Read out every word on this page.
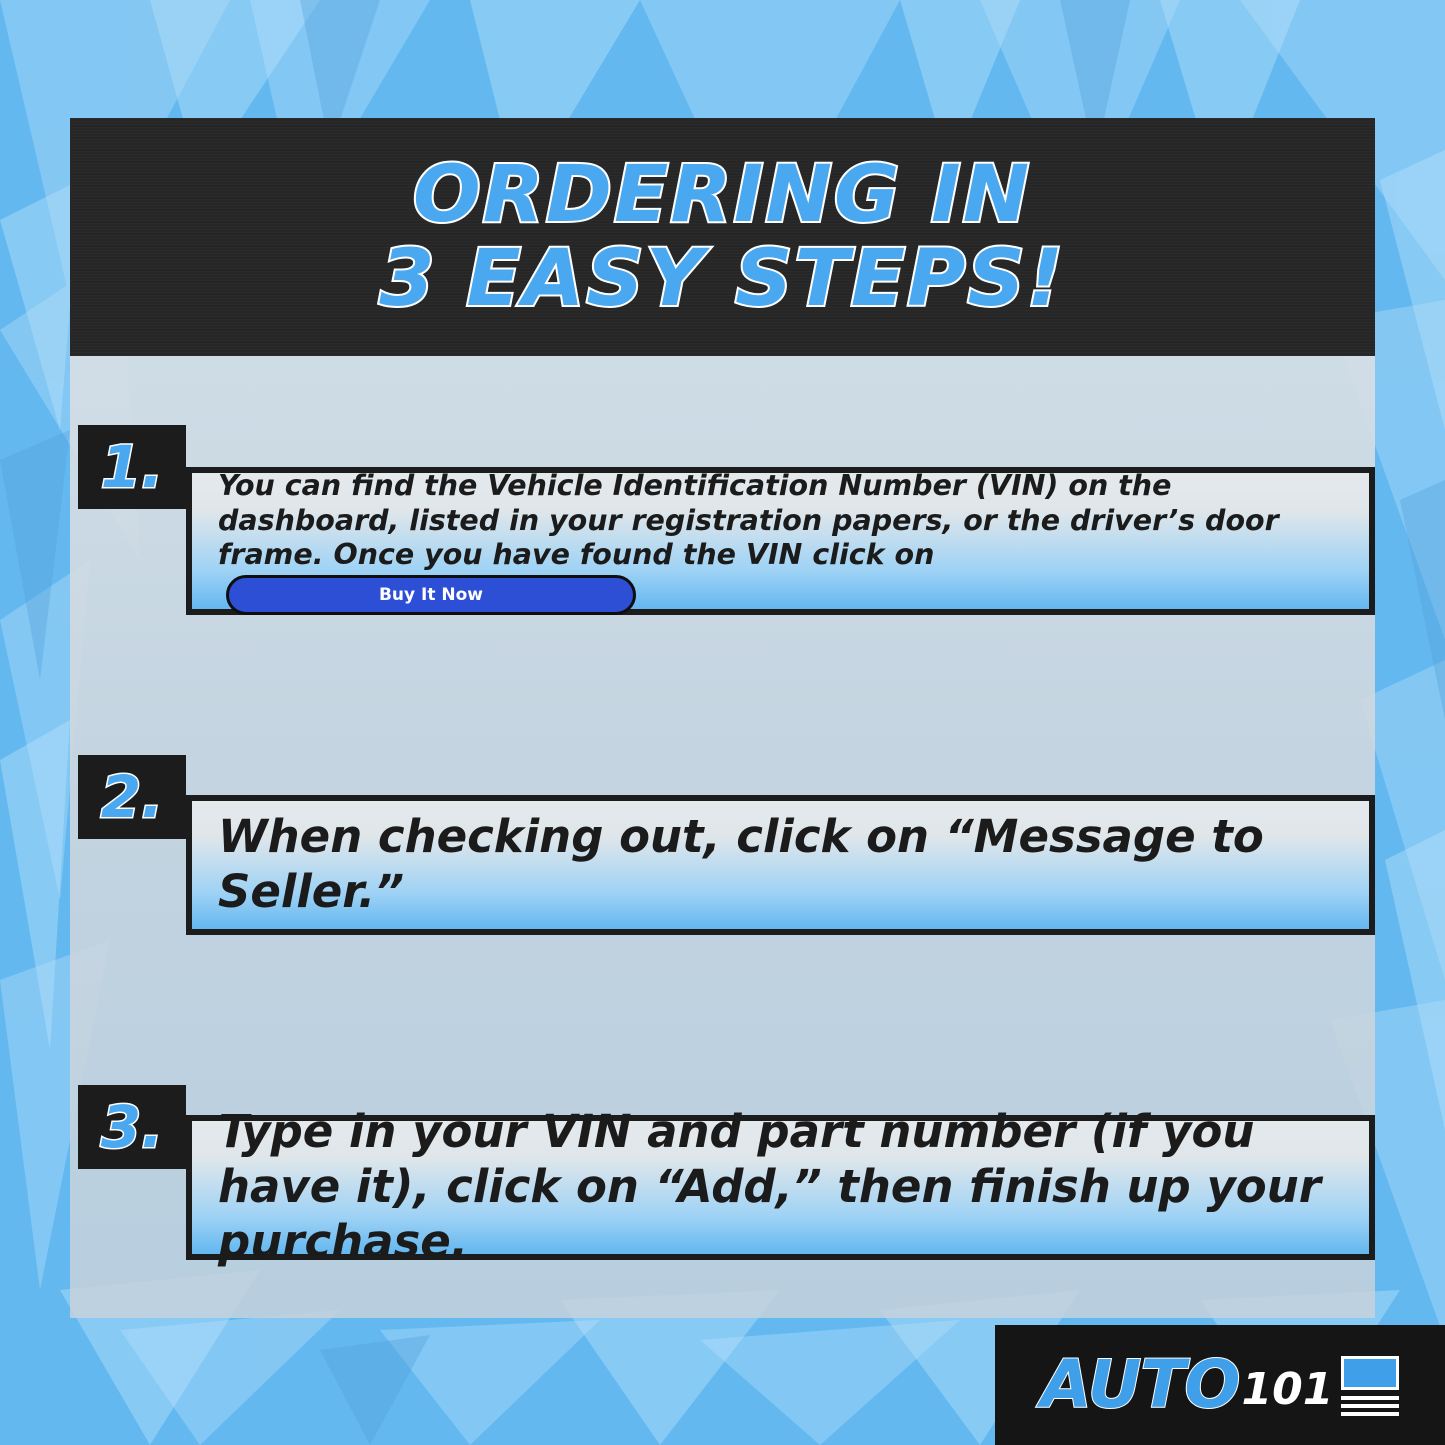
ORDERING IN
3 EASY STEPS!
1.	You can find the Vehicle Identification Number (VIN) on the dashboard, listed in your registration papers, or the driver’s door frame. Once you have found the VIN click on Buy It Now
2.
When checking out, click on “Message to Seller.”
3.	Type in your VIN and part number (if you have it), click on “Add,” then finish up your purchase.
AUTO 101
